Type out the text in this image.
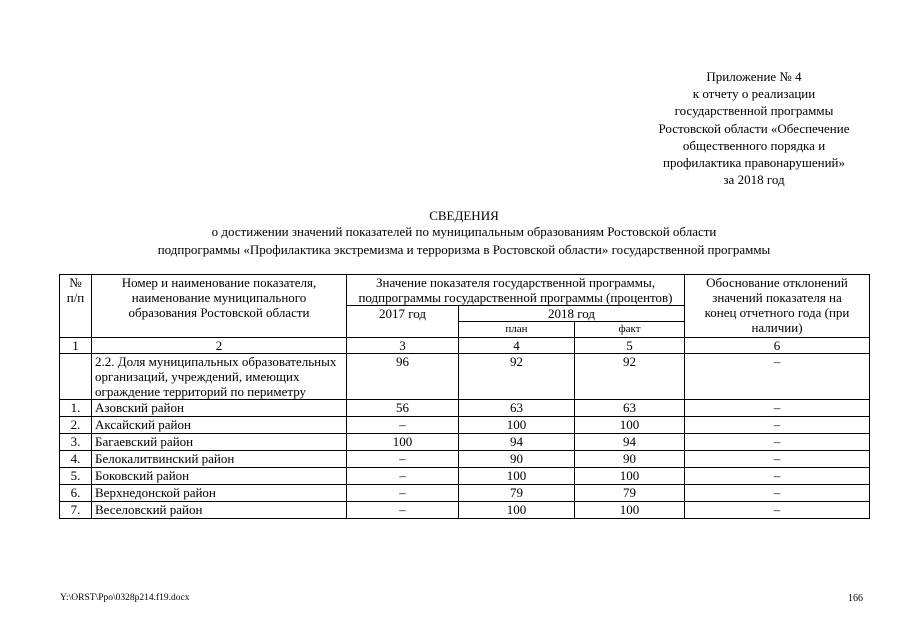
Приложение № 4
к отчету о реализации
государственной программы
Ростовской области «Обеспечение
общественного порядка и
профилактика правонарушений»
за 2018 год
СВЕДЕНИЯ
о достижении значений показателей по муниципальным образованиям Ростовской области
подпрограммы «Профилактика экстремизма и терроризма в Ростовской области» государственной программы
№ п/п	Номер и наименование показателя, наименование муниципального образования Ростовской области	Значение показателя государственной программы, подпрограммы государственной программы (процентов)			Обоснование отклонений значений показателя на конец отчетного года (при наличии)
		2017 год	2018 год		
			план	факт	
1	2	3	4	5	6
	2.2. Доля муниципальных образовательных организаций, учреждений, имеющих ограждение территорий по периметру	96	92	92	–
1.	Азовский район	56	63	63	–
2.	Аксайский район	–	100	100	–
3.	Багаевский район	100	94	94	–
4.	Белокалитвинский район	–	90	90	–
5.	Боковский район	–	100	100	–
6.	Верхнедонской район	–	79	79	–
7.	Веселовский район	–	100	100	–
Y:\ORST\Ppo\0328p214.f19.docx	166
